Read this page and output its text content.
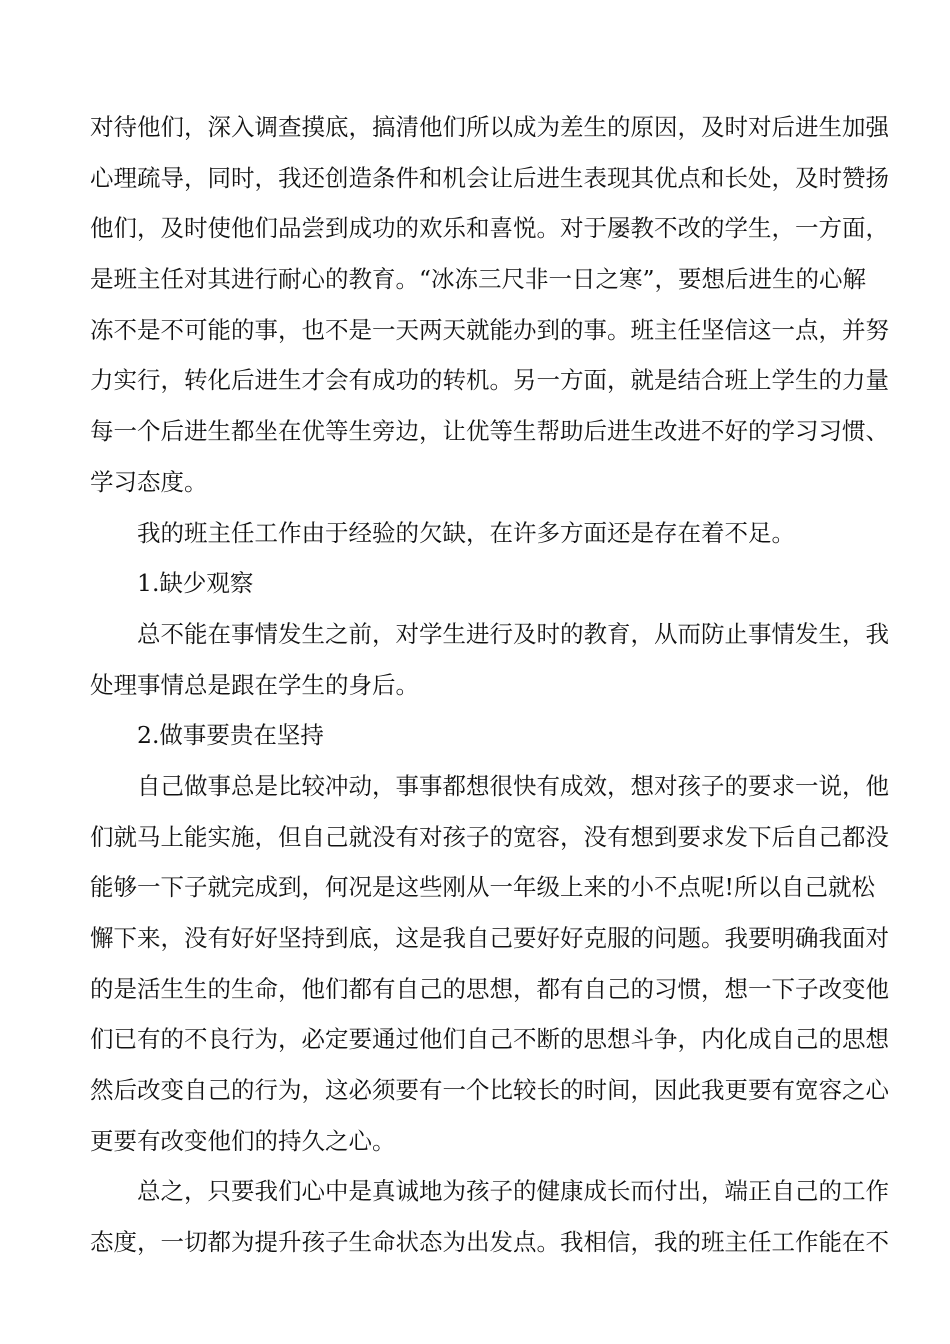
对待他们，深入调查摸底，搞清他们所以成为差生的原因，及时对后进生加强
心理疏导，同时，我还创造条件和机会让后进生表现其优点和长处，及时赞扬
他们，及时使他们品尝到成功的欢乐和喜悦。对于屡教不改的学生，一方面，
是班主任对其进行耐心的教育。“冰冻三尺非一日之寒”，要想后进生的心解
冻不是不可能的事，也不是一天两天就能办到的事。班主任坚信这一点，并努
力实行，转化后进生才会有成功的转机。另一方面，就是结合班上学生的力量
每一个后进生都坐在优等生旁边，让优等生帮助后进生改进不好的学习习惯、
学习态度。
我的班主任工作由于经验的欠缺，在许多方面还是存在着不足。
1.缺少观察
总不能在事情发生之前，对学生进行及时的教育，从而防止事情发生，我
处理事情总是跟在学生的身后。
2.做事要贵在坚持
自己做事总是比较冲动，事事都想很快有成效，想对孩子的要求一说，他
们就马上能实施，但自己就没有对孩子的宽容，没有想到要求发下后自己都没
能够一下子就完成到，何况是这些刚从一年级上来的小不点呢!所以自己就松
懈下来，没有好好坚持到底，这是我自己要好好克服的问题。我要明确我面对
的是活生生的生命，他们都有自己的思想，都有自己的习惯，想一下子改变他
们已有的不良行为，必定要通过他们自己不断的思想斗争，内化成自己的思想
然后改变自己的行为，这必须要有一个比较长的时间，因此我更要有宽容之心
更要有改变他们的持久之心。
总之，只要我们心中是真诚地为孩子的健康成长而付出，端正自己的工作
态度，一切都为提升孩子生命状态为出发点。我相信，我的班主任工作能在不
